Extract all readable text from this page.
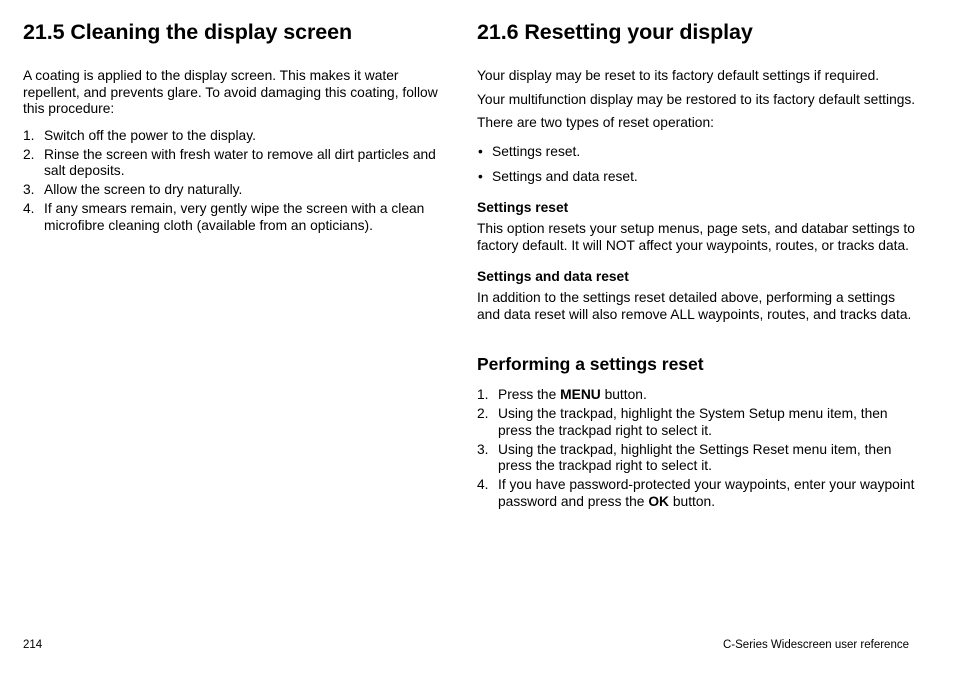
21.5 Cleaning the display screen

A coating is applied to the display screen. This makes it water repellent, and prevents glare. To avoid damaging this coating, follow this procedure:

1. Switch off the power to the display.
2. Rinse the screen with fresh water to remove all dirt particles and salt deposits.
3. Allow the screen to dry naturally.
4. If any smears remain, very gently wipe the screen with a clean microfibre cleaning cloth (available from an opticians).
21.6 Resetting your display

Your display may be reset to its factory default settings if required.

Your multifunction display may be restored to its factory default settings.

There are two types of reset operation:

• Settings reset.
• Settings and data reset.
Settings reset

This option resets your setup menus, page sets, and databar settings to factory default. It will NOT affect your waypoints, routes, or tracks data.

Settings and data reset

In addition to the settings reset detailed above, performing a settings and data reset will also remove ALL waypoints, routes, and tracks data.

Performing a settings reset
1. Press the MENU button.
2. Using the trackpad, highlight the System Setup menu item, then press the trackpad right to select it.
3. Using the trackpad, highlight the Settings Reset menu item, then press the trackpad right to select it.
4. If you have password-protected your waypoints, enter your waypoint password and press the OK button.
214	C-Series Widescreen user reference
